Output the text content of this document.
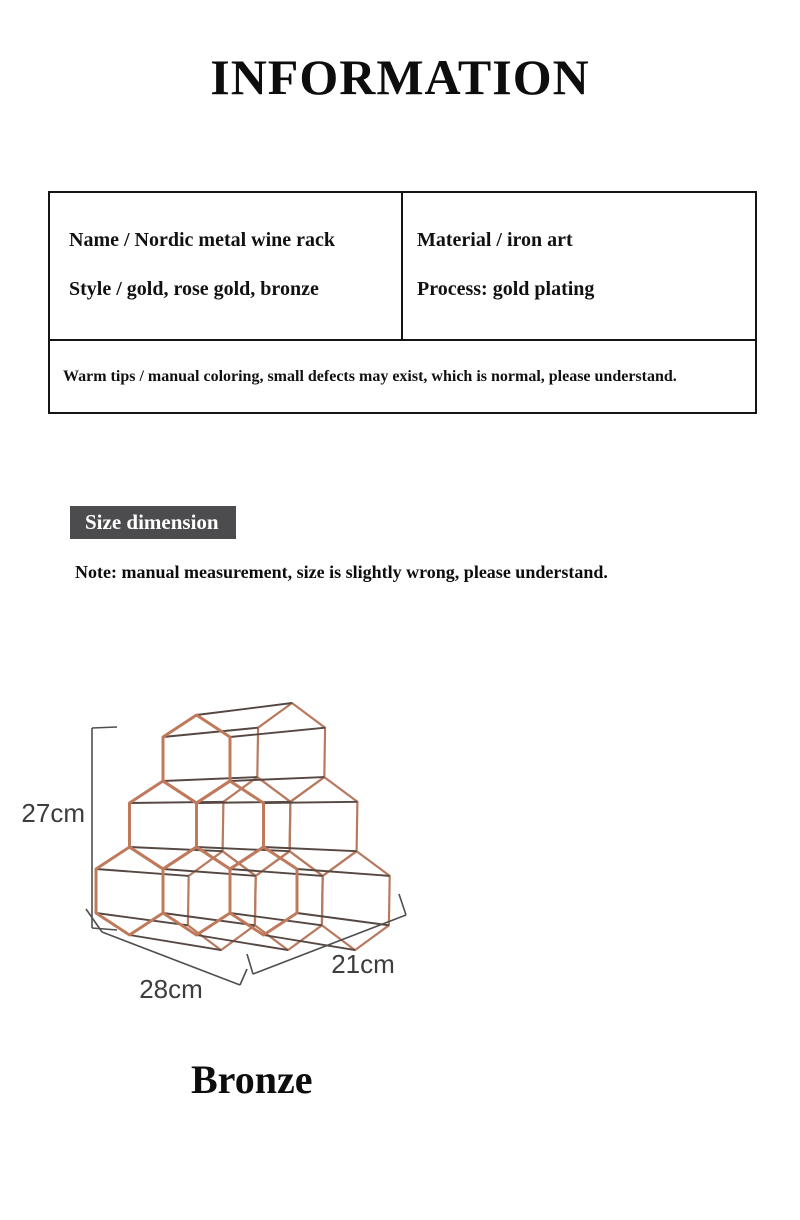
INFORMATION
Name / Nordic metal wine rack
Style / gold, rose gold, bronze
Material / iron art
Process: gold plating
Warm tips / manual coloring, small defects may exist, which is normal, please understand.
Size dimension
Note: manual measurement, size is slightly wrong, please understand.
27cm
28cm
21cm
Bronze
